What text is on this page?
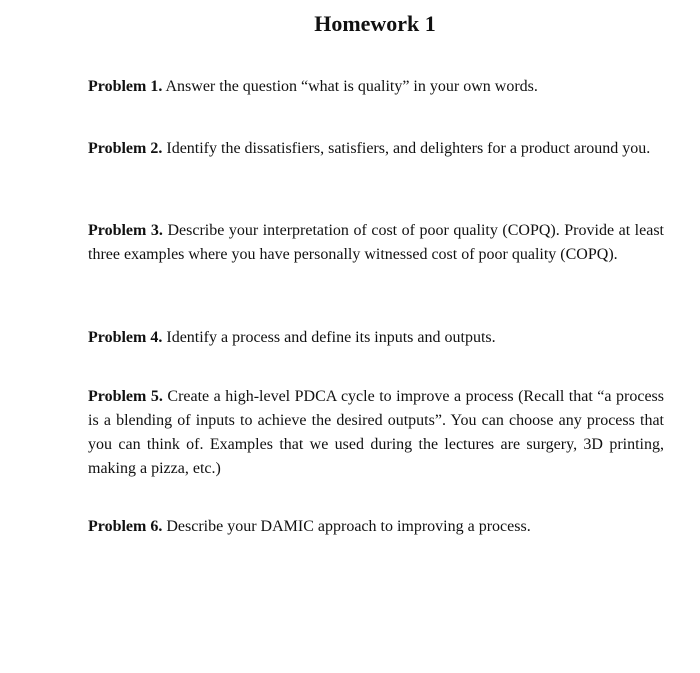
Homework 1
Problem 1. Answer the question “what is quality” in your own words.
Problem 2. Identify the dissatisfiers, satisfiers, and delighters for a product around you.
Problem 3. Describe your interpretation of cost of poor quality (COPQ). Provide at least three examples where you have personally witnessed cost of poor quality (COPQ).
Problem 4. Identify a process and define its inputs and outputs.
Problem 5. Create a high-level PDCA cycle to improve a process (Recall that “a process is a blending of inputs to achieve the desired outputs”. You can choose any process that you can think of. Examples that we used during the lectures are surgery, 3D printing, making a pizza, etc.)
Problem 6. Describe your DAMIC approach to improving a process.
